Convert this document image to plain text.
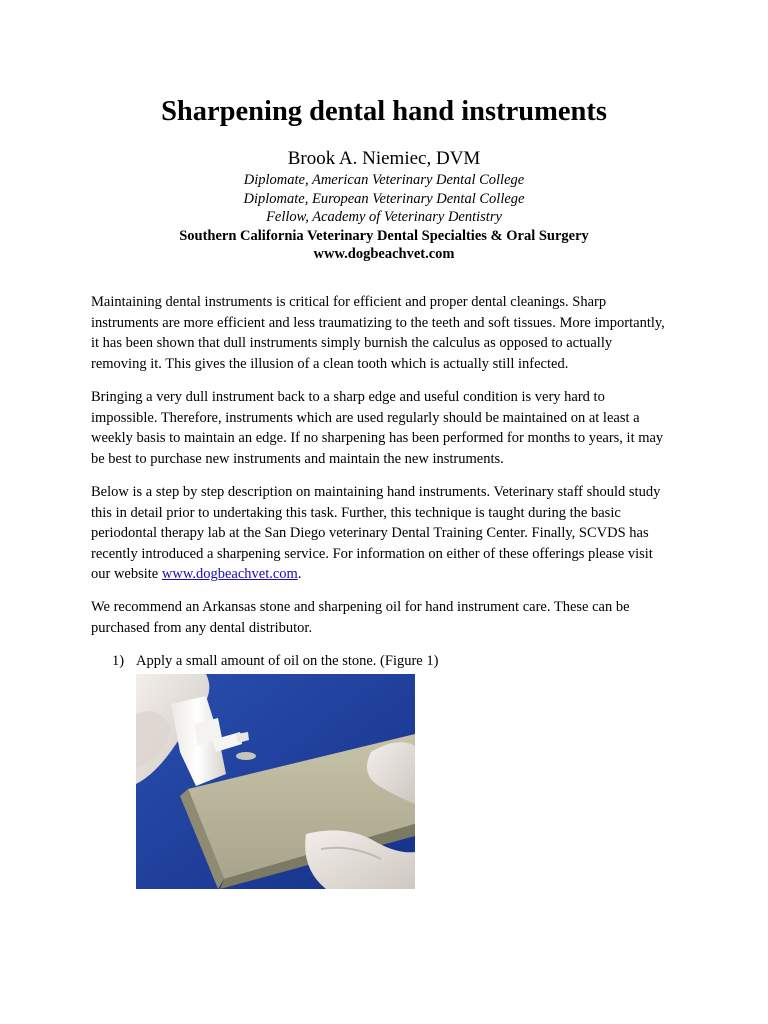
Sharpening dental hand instruments

Brook A. Niemiec, DVM

Diplomate, American Veterinary Dental College

Diplomate, European Veterinary Dental College

Fellow, Academy of Veterinary Dentistry

Southern California Veterinary Dental Specialties & Oral Surgery

www.dogbeachvet.com

Maintaining dental instruments is critical for efficient and proper dental cleanings. Sharp instruments are more efficient and less traumatizing to the teeth and soft tissues. More importantly, it has been shown that dull instruments simply burnish the calculus as opposed to actually removing it. This gives the illusion of a clean tooth which is actually still infected.

Bringing a very dull instrument back to a sharp edge and useful condition is very hard to impossible. Therefore, instruments which are used regularly should be maintained on at least a weekly basis to maintain an edge. If no sharpening has been performed for months to years, it may be best to purchase new instruments and maintain the new instruments.

Below is a step by step description on maintaining hand instruments. Veterinary staff should study this in detail prior to undertaking this task. Further, this technique is taught during the basic periodontal therapy lab at the San Diego veterinary Dental Training Center. Finally, SCVDS has recently introduced a sharpening service. For information on either of these offerings please visit our website www.dogbeachvet.com.

We recommend an Arkansas stone and sharpening oil for hand instrument care. These can be purchased from any dental distributor.

1) Apply a small amount of oil on the stone. (Figure 1)
